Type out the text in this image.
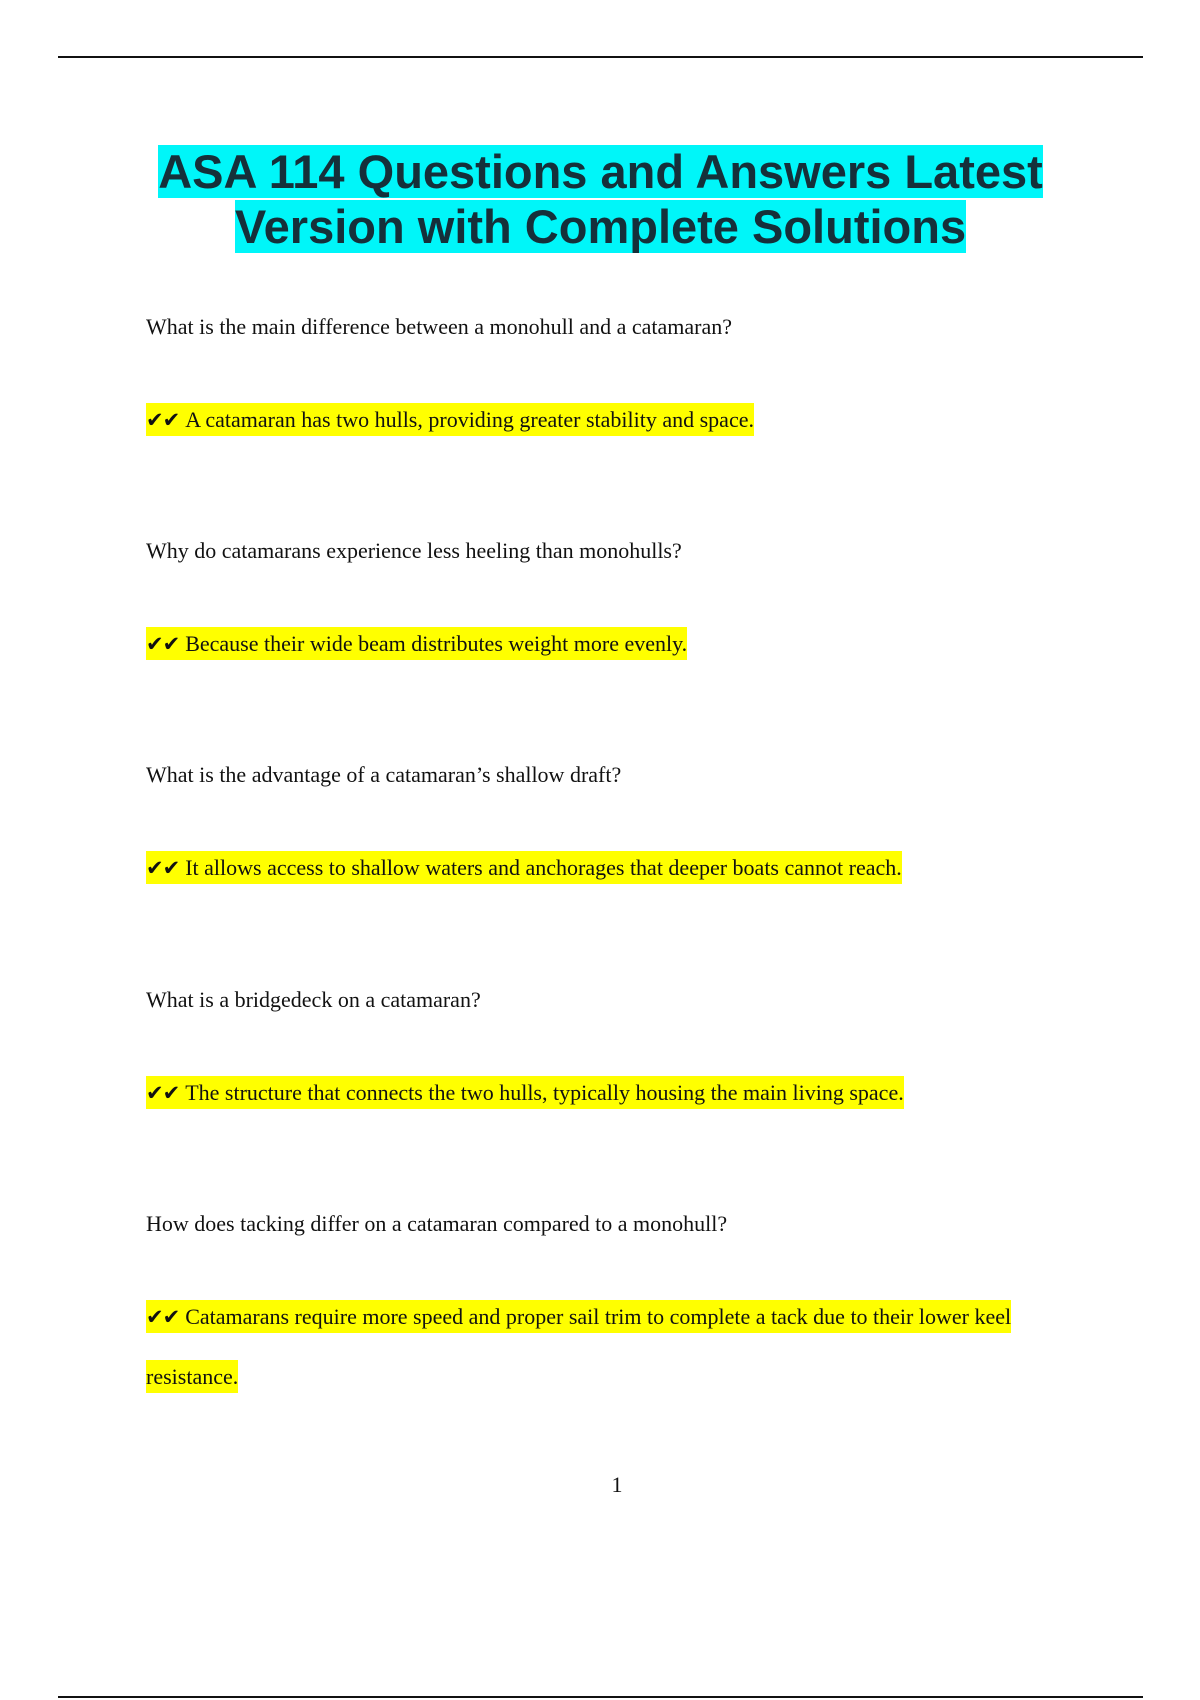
ASA 114 Questions and Answers Latest
Version with Complete Solutions

What is the main difference between a monohull and a catamaran?

✔✔ A catamaran has two hulls, providing greater stability and space.

Why do catamarans experience less heeling than monohulls?

✔✔ Because their wide beam distributes weight more evenly.

What is the advantage of a catamaran’s shallow draft?

✔✔ It allows access to shallow waters and anchorages that deeper boats cannot reach.

What is a bridgedeck on a catamaran?

✔✔ The structure that connects the two hulls, typically housing the main living space.

How does tacking differ on a catamaran compared to a monohull?

✔✔ Catamarans require more speed and proper sail trim to complete a tack due to their lower keel resistance.

1
